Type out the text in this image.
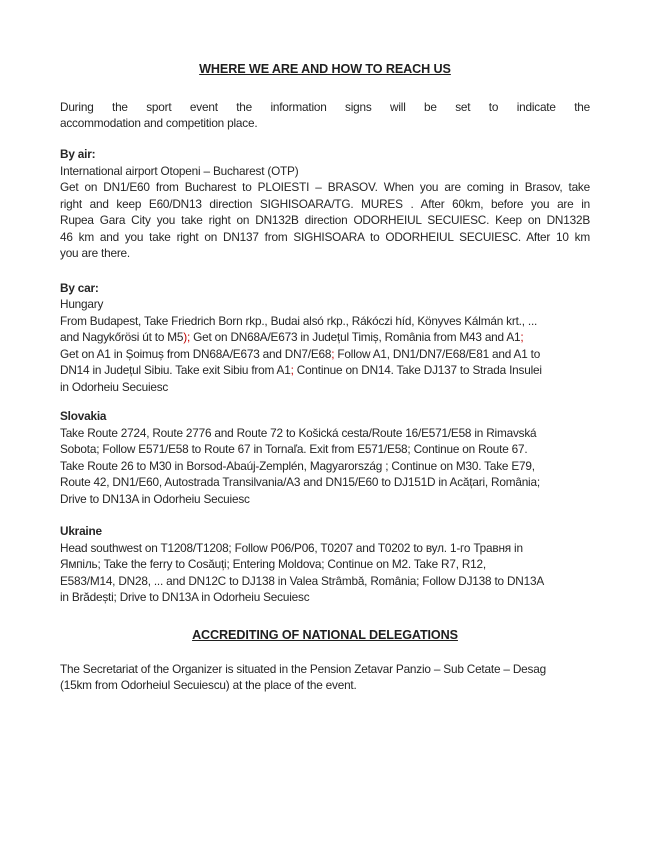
WHERE WE ARE AND HOW TO REACH US
During the sport event the information signs will be set to indicate the
accommodation and competition place.
By air:
International airport Otopeni – Bucharest (OTP)
Get on DN1/E60 from Bucharest to PLOIESTI – BRASOV. When you are coming in Brasov, take
right and keep E60/DN13 direction SIGHISOARA/TG. MURES . After 60km, before you are in
Rupea Gara City you take right on DN132B direction ODORHEIUL SECUIESC. Keep on DN132B
46 km and you take right on DN137 from SIGHISOARA to ODORHEIUL SECUIESC. After 10 km
you are there.
By car:
Hungary
From Budapest, Take Friedrich Born rkp., Budai alsó rkp., Rákóczi híd, Könyves Kálmán krt., ...
and Nagykőrösi út to M5); Get on DN68A/E673 in Județul Timiș, România from M43 and A1;
Get on A1 in Șoimuș from DN68A/E673 and DN7/E68; Follow A1, DN1/DN7/E68/E81 and A1 to
DN14 in Județul Sibiu. Take exit Sibiu from A1; Continue on DN14. Take DJ137 to Strada Insulei
in Odorheiu Secuiesc
Slovakia
Take Route 2724, Route 2776 and Route 72 to Košická cesta/Route 16/E571/E58 in Rimavská
Sobota; Follow E571/E58 to Route 67 in Tornaľa. Exit from E571/E58; Continue on Route 67.
Take Route 26 to M30 in Borsod-Abaúj-Zemplén, Magyarország ; Continue on M30. Take E79,
Route 42, DN1/E60, Autostrada Transilvania/A3 and DN15/E60 to DJ151D in Acățari, România;
Drive to DN13A in Odorheiu Secuiesc
Ukraine
Head southwest on T1208/T1208; Follow P06/P06, T0207 and T0202 to вул. 1-го Травня in
Ямпіль; Take the ferry to Cosăuți; Entering Moldova; Continue on M2. Take R7, R12,
E583/M14, DN28, ... and DN12C to DJ138 in Valea Strâmbă, România; Follow DJ138 to DN13A
in Brădești; Drive to DN13A in Odorheiu Secuiesc
ACCREDITING OF NATIONAL DELEGATIONS
The Secretariat of the Organizer is situated in the Pension Zetavar Panzio – Sub Cetate – Desag
(15km from Odorheiul Secuiescu) at the place of the event.
